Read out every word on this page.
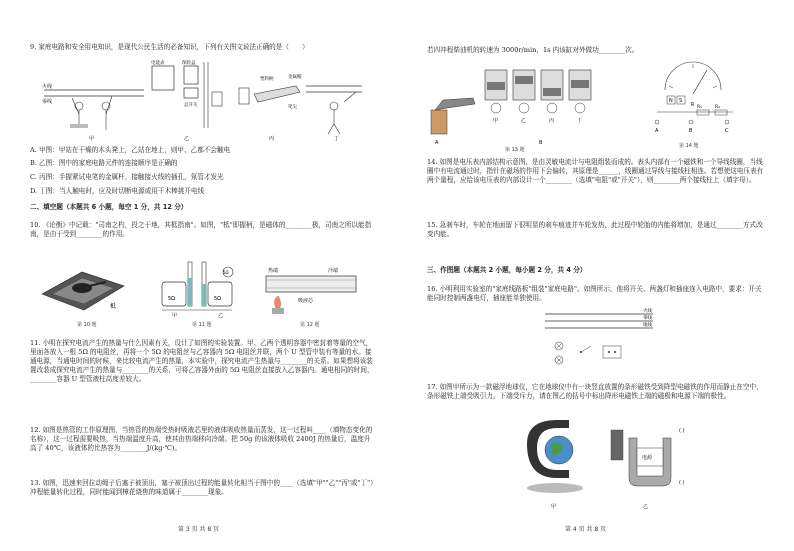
9. 家庭电路和安全用电知识，是现代公民生活的必备知识，下列有关图文说法正确的是（　　）
火线
零线
甲
电能表	保险盒
总开关
乙
塑料柄	金属帽
笔尖
丙	丁
A. 甲图：甲站在干燥的木头凳上，乙站在地上，则甲、乙都不会触电
B. 乙图：图中的家庭电路元件的连接顺序是正确的
C. 丙图：手握紧试电笔的金属杆，接触接火线的插孔，氖管才发光
D. 丁图：当人触电时，应及时切断电源或用干木棒挑开电线
二、填空题（本题共 6 小题，每空 1 分，共 12 分）
10. 《论衡》中记载："司南之杓，投之于地，其柢指南"。如图，"柢"即握柄，是磁体的________极，司南之所以能指南，是由于受到________的作用。
柢
第 10 题
5Ω	5Ω
5Ω
甲	乙
第 11 题
热端	冷端
吸液芯
第 12 题
11. 小明在探究电流产生的热量与什么因素有关，设计了如图的实验装置。甲、乙两个透明容器中密封着等量的空气，里面各放入一根 5Ω 的电阻丝，再将一个 5Ω 的电阻丝与乙容器内 5Ω 电阻丝并联，两个 U 型管中装有等量的水。接通电源，当通电时间的时候，来比较电流产生的热量，本实验中，探究电流产生热量与________的关系。如果想将该装置改装成探究电流产生的热量与________的关系，可将乙容器外面的 5Ω 电阻丝直接放入乙容器内。通电相同的时间，________容器 U 型管液柱高度差较大。
12. 如图是热管的工作原理图，当热管的热端受热时吸液芯里的液体吸收热量而蒸发，这一过程叫____（填物态变化的名称），这一过程需要吸热，当热端温度升高，使其由热端移向冷端。把 50g 的该液体吸收 2400J 的热量后，温度升高了 40℃，该液体的比热容为________J/(kg·℃)。
13. 如图，迅速来回拉动绳子后塞子被顶出，塞子被顶出过程的能量转化相当于图中的____（选填"甲""乙""丙"或"丁"）冲程能量转化过程，同时能闻到樟花烧焦的味道属于________现象。
第 3 页 共 8 页
若四冲程柴油机的转速为 3000r/min，1s 内该缸对外做功________次。
A
甲	乙	丙	丁
B
第 13 题
N S
R R₁	R₂
A	B	C
第 14 题
14. 如图是电压表内部结构示意图，是由灵敏电流计与电阻组装而成的。表头内部有一个磁铁和一个导线线圈，当线圈中有电流通过时，指针在磁场的作用下会偏转，其原理是______，线圈通过导线与接线柱相连。若想使这电压表有两个量程，应给该电压表的内部设计一个________（选填"电阻"或"开关"），则________两个接线柱上（填字母）。
15. 急刹车时，车轮在地面留下很明显的刹车痕迹并车轮发热，此过程中轮胎的内能将增加，是通过________方式改变内能。
三、作图题（本题共 2 小题，每小题 2 分，共 4 分）
16. 小明利用实验室的"家庭线路板"组装"家庭电路"。如图所示，他将开关、两盏灯和插座连入电路中，要求：开关能同时控制两盏电灯，插座能单独使用。
火线
零线
地线
17. 如图甲所示为一款磁浮地球仪，它在地球仪中有一块竖直放置的条形磁铁受到降型电磁铁的作用而静止在空中，条形磁铁上端受吸引力，下端受斥力，请在图乙的括号中标出降形电磁铁上端的磁极和电源下端的极性。
甲
电源
( )
( )
乙
第 4 页 共 8 页
